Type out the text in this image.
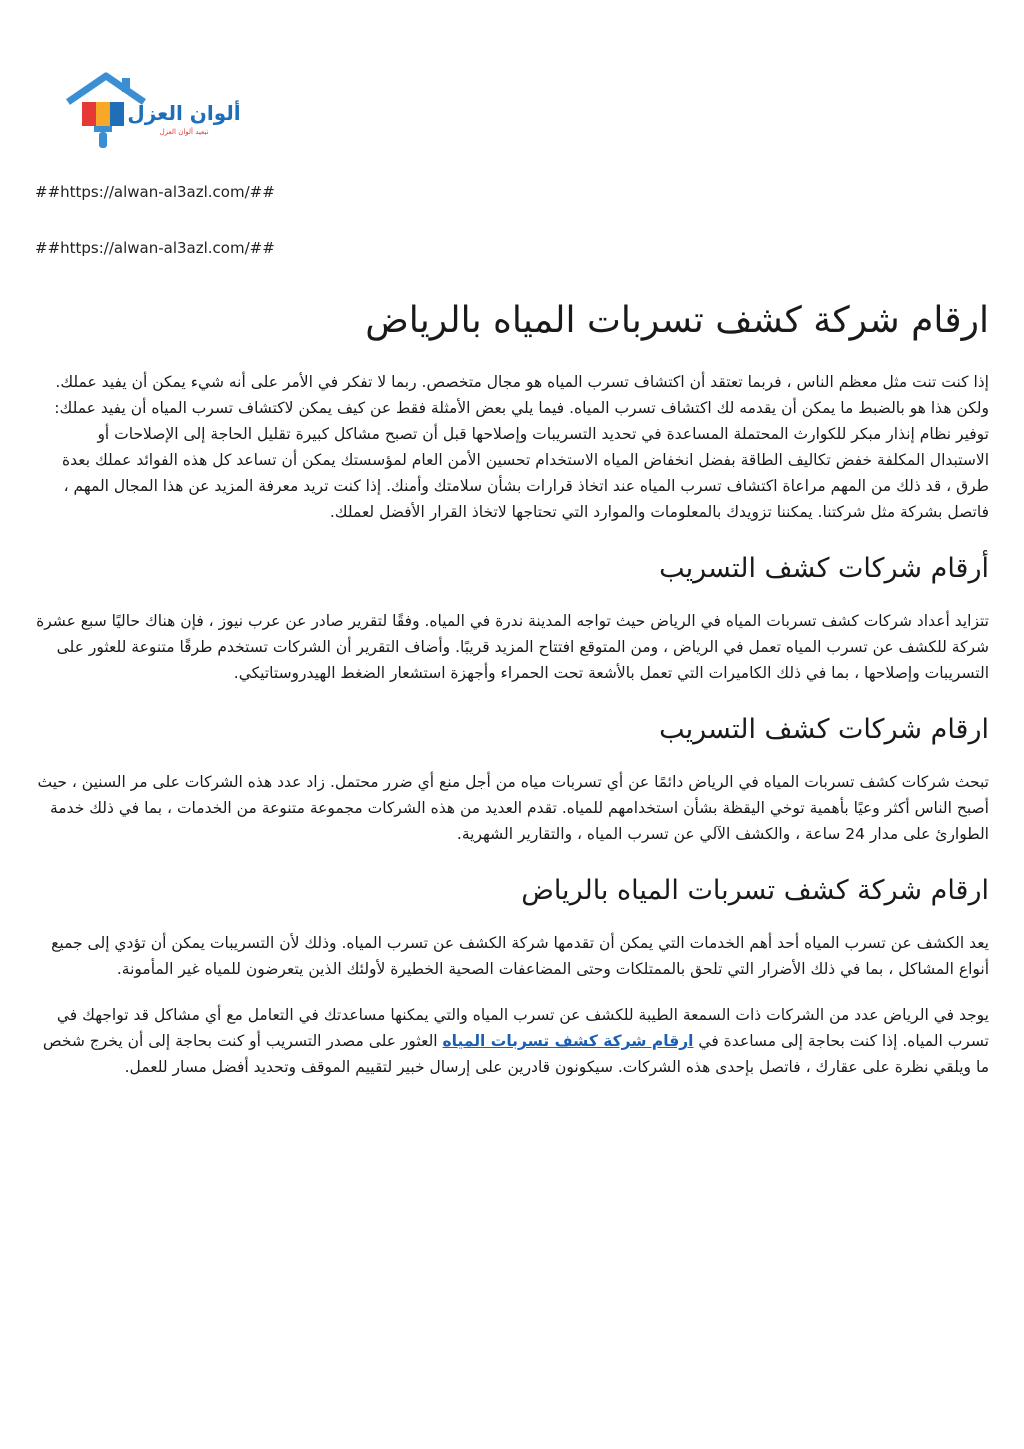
ألوان العزل
تبعيد ألوان العزل
##https://alwan-al3azl.com/##
##https://alwan-al3azl.com/##
ارقام شركة كشف تسربات المياه بالرياض

إذا كنت تنت مثل معظم الناس ، فربما تعتقد أن اكتشاف تسرب المياه هو مجال متخصص. ربما لا تفكر في الأمر على أنه شيء يمكن أن يفيد عملك. ولكن هذا هو بالضبط ما يمكن أن يقدمه لك اكتشاف تسرب المياه. فيما يلي بعض الأمثلة فقط عن كيف يمكن لاكتشاف تسرب المياه أن يفيد عملك: توفير نظام إنذار مبكر للكوارث المحتملة المساعدة في تحديد التسريبات وإصلاحها قبل أن تصبح مشاكل كبيرة تقليل الحاجة إلى الإصلاحات أو الاستبدال المكلفة خفض تكاليف الطاقة بفضل انخفاض المياه الاستخدام تحسين الأمن العام لمؤسستك يمكن أن تساعد كل هذه الفوائد عملك بعدة طرق ، قد ذلك من المهم مراعاة اكتشاف تسرب المياه عند اتخاذ قرارات بشأن سلامتك وأمنك. إذا كنت تريد معرفة المزيد عن هذا المجال المهم ، فاتصل بشركة مثل شركتنا. يمكننا تزويدك بالمعلومات والموارد التي تحتاجها لاتخاذ القرار الأفضل لعملك.

أرقام شركات كشف التسريب

تتزايد أعداد شركات كشف تسربات المياه في الرياض حيث تواجه المدينة ندرة في المياه. وفقًا لتقرير صادر عن عرب نيوز ، فإن هناك حاليًا سبع عشرة شركة للكشف عن تسرب المياه تعمل في الرياض ، ومن المتوقع افتتاح المزيد قريبًا. وأضاف التقرير أن الشركات تستخدم طرقًا متنوعة للعثور على التسريبات وإصلاحها ، بما في ذلك الكاميرات التي تعمل بالأشعة تحت الحمراء وأجهزة استشعار الضغط الهيدروستاتيكي.

ارقام شركات كشف التسريب

تبحث شركات كشف تسربات المياه في الرياض دائمًا عن أي تسربات مياه من أجل منع أي ضرر محتمل. زاد عدد هذه الشركات على مر السنين ، حيث أصبح الناس أكثر وعيًا بأهمية توخي اليقظة بشأن استخدامهم للمياه. تقدم العديد من هذه الشركات مجموعة متنوعة من الخدمات ، بما في ذلك خدمة الطوارئ على مدار 24 ساعة ، والكشف الآلي عن تسرب المياه ، والتقارير الشهرية.

ارقام شركة كشف تسربات المياه بالرياض

يعد الكشف عن تسرب المياه أحد أهم الخدمات التي يمكن أن تقدمها شركة الكشف عن تسرب المياه. وذلك لأن التسريبات يمكن أن تؤدي إلى جميع أنواع المشاكل ، بما في ذلك الأضرار التي تلحق بالممتلكات وحتى المضاعفات الصحية الخطيرة لأولئك الذين يتعرضون للمياه غير المأمونة.

يوجد في الرياض عدد من الشركات ذات السمعة الطيبة للكشف عن تسرب المياه والتي يمكنها مساعدتك في التعامل مع أي مشاكل قد تواجهك في تسرب المياه. إذا كنت بحاجة إلى مساعدة في ارقام شركة كشف تسربات المياه العثور على مصدر التسريب أو كنت بحاجة إلى أن يخرج شخص ما ويلقي نظرة على عقارك ، فاتصل بإحدى هذه الشركات. سيكونون قادرين على إرسال خبير لتقييم الموقف وتحديد أفضل مسار للعمل.
